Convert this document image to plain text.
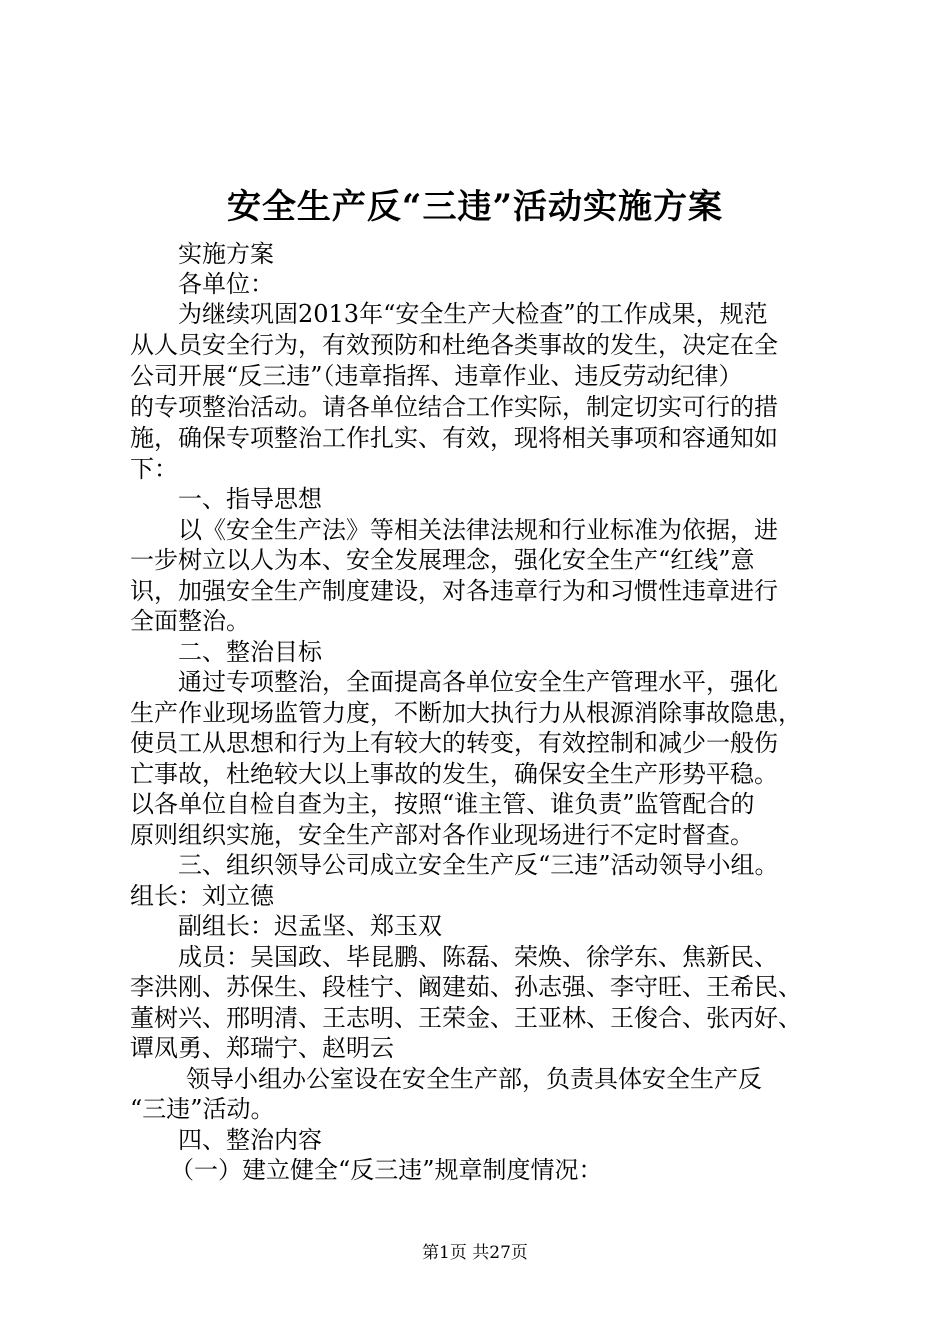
安全生产反“三违”活动实施方案
实施方案
各单位：
为继续巩固2013年“安全生产大检查”的工作成果，规范
从人员安全行为，有效预防和杜绝各类事故的发生，决定在全
公司开展“反三违”（违章指挥、违章作业、违反劳动纪律）
的专项整治活动。请各单位结合工作实际，制定切实可行的措
施，确保专项整治工作扎实、有效，现将相关事项和容通知如
下：
一、指导思想
以《安全生产法》等相关法律法规和行业标准为依据，进
一步树立以人为本、安全发展理念，强化安全生产“红线”意
识，加强安全生产制度建设，对各违章行为和习惯性违章进行
全面整治。
二、整治目标
通过专项整治，全面提高各单位安全生产管理水平，强化
生产作业现场监管力度，不断加大执行力从根源消除事故隐患，
使员工从思想和行为上有较大的转变，有效控制和减少一般伤
亡事故，杜绝较大以上事故的发生，确保安全生产形势平稳。
以各单位自检自查为主，按照“谁主管、谁负责”监管配合的
原则组织实施，安全生产部对各作业现场进行不定时督查。
三、组织领导公司成立安全生产反“三违”活动领导小组。
组长：刘立德
副组长：迟孟坚、郑玉双
成员：吴国政、毕昆鹏、陈磊、荣焕、徐学东、焦新民、
李洪刚、苏保生、段桂宁、阚建茹、孙志强、李守旺、王希民、
董树兴、邢明清、王志明、王荣金、王亚林、王俊合、张丙好、
谭凤勇、郑瑞宁、赵明云
领导小组办公室设在安全生产部，负责具体安全生产反
“三违”活动。
四、整治内容
（一）建立健全“反三违”规章制度情况：
第1页 共27页
